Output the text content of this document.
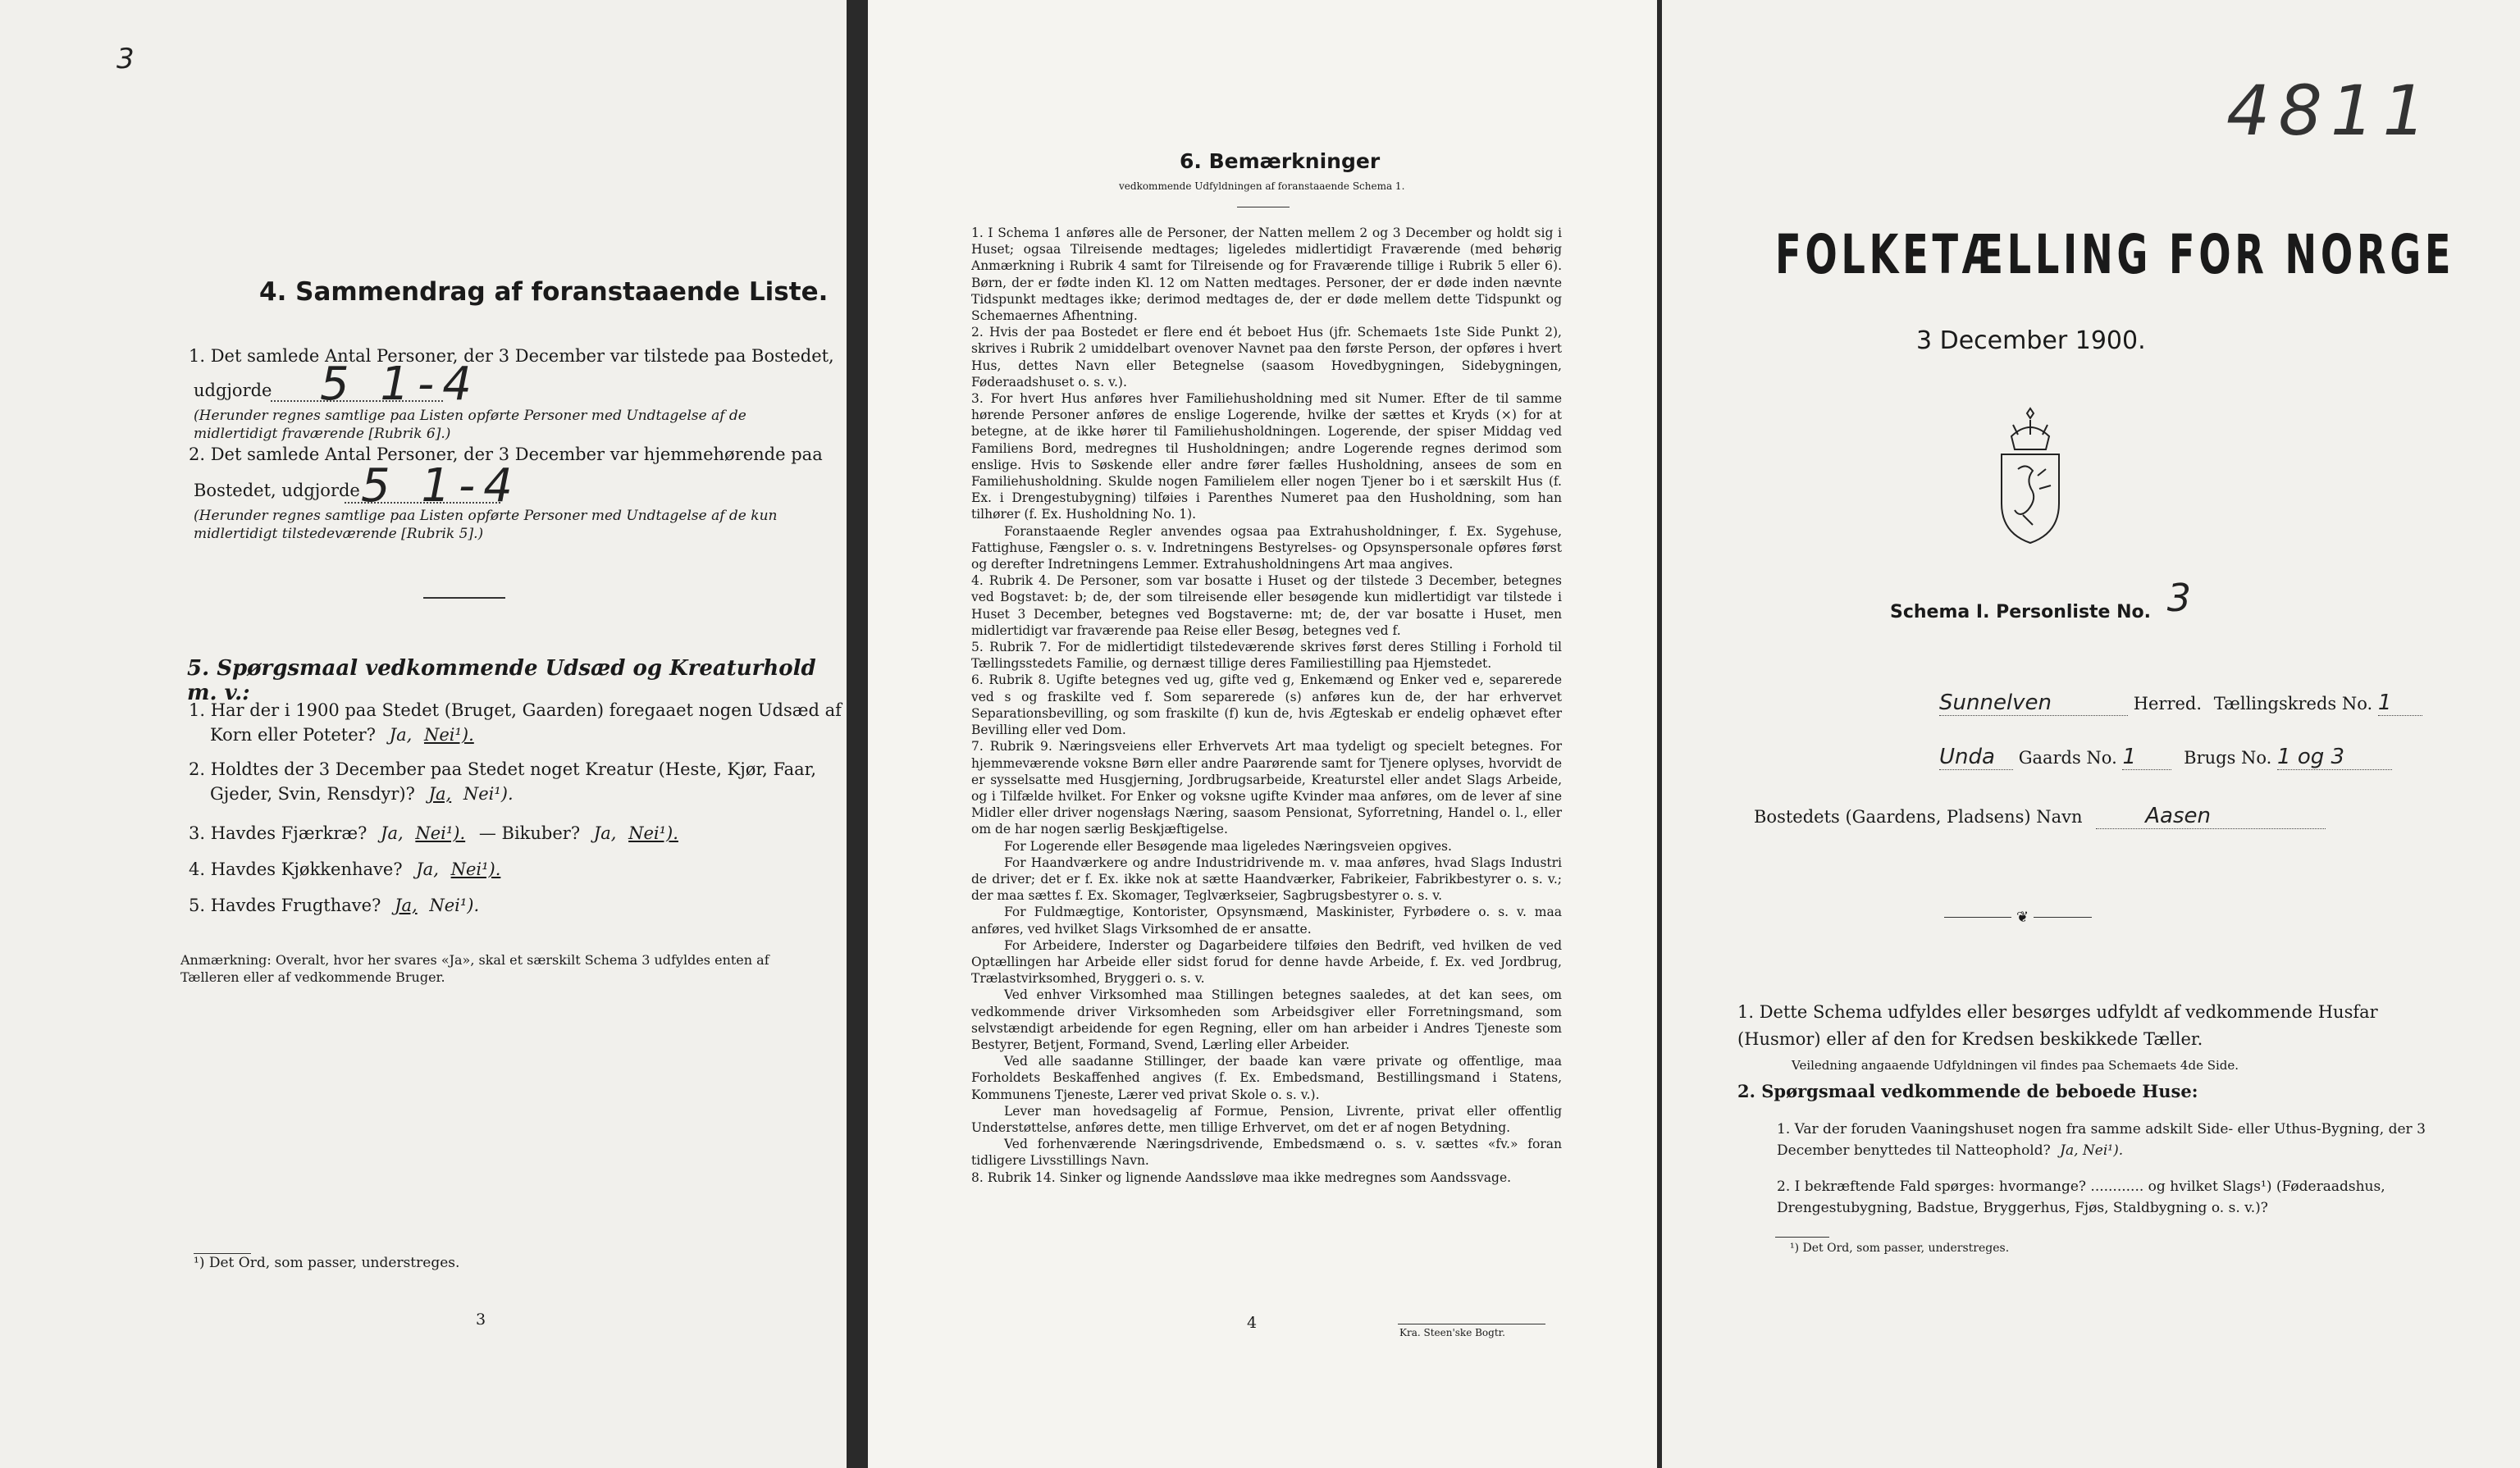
3
4. Sammendrag af foranstaaende Liste.
1. Det samlede Antal Personer, der 3 December var tilstede paa Bostedet,
udgjorde 5 1-4
(Herunder regnes samtlige paa Listen opførte Personer med Undtagelse af de midlertidigt fraværende [Rubrik 6].)
2. Det samlede Antal Personer, der 3 December var hjemmehørende paa
Bostedet, udgjorde 5 1-4
(Herunder regnes samtlige paa Listen opførte Personer med Undtagelse af de kun midlertidigt tilstedeværende [Rubrik 5].)
5. Spørgsmaal vedkommende Udsæd og Kreaturhold m. v.:
1. Har der i 1900 paa Stedet (Bruget, Gaarden) foregaaet nogen Udsæd af
Korn eller Poteter? Ja, Nei¹).
2. Holdtes der 3 December paa Stedet noget Kreatur (Heste, Kjør, Faar,
Gjeder, Svin, Rensdyr)? Ja, Nei¹).
3. Havdes Fjærkræ? Ja, Nei¹). — Bikuber? Ja, Nei¹).
4. Havdes Kjøkkenhave? Ja, Nei¹).
5. Havdes Frugthave? Ja, Nei¹).
Anmærkning: Overalt, hvor her svares «Ja», skal et særskilt Schema 3 udfyldes enten af Tælleren eller af vedkommende Bruger.
¹) Det Ord, som passer, understreges.
3
6. Bemærkninger
vedkommende Udfyldningen af foranstaaende Schema 1.

1. I Schema 1 anføres alle de Personer, der Natten mellem 2 og 3 December og holdt sig i Huset; ogsaa Tilreisende medtages; ligeledes midlertidigt Fraværende (med behørig Anmærkning i Rubrik 4 samt for Tilreisende og for Fraværende tillige i Rubrik 5 eller 6). Børn, der er fødte inden Kl. 12 om Natten medtages. Personer, der er døde inden nævnte Tidspunkt medtages ikke; derimod medtages de, der er døde mellem dette Tidspunkt og Schemaernes Afhentning.

2. Hvis der paa Bostedet er flere end ét beboet Hus (jfr. Schemaets 1ste Side Punkt 2), skrives i Rubrik 2 umiddelbart ovenover Navnet paa den første Person, der opføres i hvert Hus, dettes Navn eller Betegnelse (saasom Hovedbygningen, Sidebygningen, Føderaadshuset o. s. v.).

3. For hvert Hus anføres hver Familiehusholdning med sit Numer. Efter de til samme hørende Personer anføres de enslige Logerende, hvilke der sættes et Kryds (×) for at betegne, at de ikke hører til Familiehusholdningen. Logerende, der spiser Middag ved Familiens Bord, medregnes til Husholdningen; andre Logerende regnes derimod som enslige. Hvis to Søskende eller andre fører fælles Husholdning, ansees de som en Familiehusholdning. Skulde nogen Familielem eller nogen Tjener bo i et særskilt Hus (f. Ex. i Drengestubygning) tilføies i Parenthes Numeret paa den Husholdning, som han tilhører (f. Ex. Husholdning No. 1).

Foranstaaende Regler anvendes ogsaa paa Extrahusholdninger, f. Ex. Sygehuse, Fattighuse, Fængsler o. s. v. Indretningens Bestyrelses- og Opsynspersonale opføres først og derefter Indretningens Lemmer. Extrahusholdningens Art maa angives.

4. Rubrik 4. De Personer, som var bosatte i Huset og der tilstede 3 December, betegnes ved Bogstavet: b; de, der som tilreisende eller besøgende kun midlertidigt var tilstede i Huset 3 December, betegnes ved Bogstaverne: mt; de, der var bosatte i Huset, men midlertidigt var fraværende paa Reise eller Besøg, betegnes ved f.

5. Rubrik 7. For de midlertidigt tilstedeværende skrives først deres Stilling i Forhold til Tællingsstedets Familie, og dernæst tillige deres Familiestilling paa Hjemstedet.

6. Rubrik 8. Ugifte betegnes ved ug, gifte ved g, Enkemænd og Enker ved e, separerede ved s og fraskilte ved f. Som separerede (s) anføres kun de, der har erhvervet Separationsbevilling, og som fraskilte (f) kun de, hvis Ægteskab er endelig ophævet efter Bevilling eller ved Dom.

7. Rubrik 9. Næringsveiens eller Erhvervets Art maa tydeligt og specielt betegnes. For hjemmeværende voksne Børn eller andre Paarørende samt for Tjenere oplyses, hvorvidt de er sysselsatte med Husgjerning, Jordbrugsarbeide, Kreaturstel eller andet Slags Arbeide, og i Tilfælde hvilket. For Enker og voksne ugifte Kvinder maa anføres, om de lever af sine Midler eller driver nogensłags Næring, saasom Pensionat, Syforretning, Handel o. l., eller om de har nogen særlig Beskjæftigelse.

For Logerende eller Besøgende maa ligeledes Næringsveien opgives.

For Haandværkere og andre Industridrivende m. v. maa anføres, hvad Slags Industri de driver; det er f. Ex. ikke nok at sætte Haandværker, Fabrikeier, Fabrikbestyrer o. s. v.; der maa sættes f. Ex. Skomager, Teglværkseier, Sagbrugsbestyrer o. s. v.

For Fuldmægtige, Kontorister, Opsynsmænd, Maskinister, Fyrbødere o. s. v. maa anføres, ved hvilket Slags Virksomhed de er ansatte.

For Arbeidere, Inderster og Dagarbeidere tilføies den Bedrift, ved hvilken de ved Optællingen har Arbeide eller sidst forud for denne havde Arbeide, f. Ex. ved Jordbrug, Trælastvirksomhed, Bryggeri o. s. v.

Ved enhver Virksomhed maa Stillingen betegnes saaledes, at det kan sees, om vedkommende driver Virksomheden som Arbeidsgiver eller Forretningsmand, som selvstændigt arbeidende for egen Regning, eller om han arbeider i Andres Tjeneste som Bestyrer, Betjent, Formand, Svend, Lærling eller Arbeider.

Ved alle saadanne Stillinger, der baade kan være private og offentlige, maa Forholdets Beskaffenhed angives (f. Ex. Embedsmand, Bestillingsmand i Statens, Kommunens Tjeneste, Lærer ved privat Skole o. s. v.).

Lever man hovedsagelig af Formue, Pension, Livrente, privat eller offentlig Understøttelse, anføres dette, men tillige Erhvervet, om det er af nogen Betydning.

Ved forhenværende Næringsdrivende, Embedsmænd o. s. v. sættes «fv.» foran tidligere Livsstillings Navn.

8. Rubrik 14. Sinker og lignende Aandssløve maa ikke medregnes som Aandssvage.

4
Kra. Steen'ske Bogtr.
4811
FOLKETÆLLING FOR NORGE
3 December 1900.
Schema I. Personliste No. 3
Sunnelven	Herred. Tællingskreds No. 1
Unda Gaards No. 1	Brugs No. 1 og 3
Bostedets (Gaardens, Pladsens) Navn	Aasen
❦
1. Dette Schema udfyldes eller besørges udfyldt af vedkommende Husfar (Husmor) eller af den for Kredsen beskikkede Tæller.
Veiledning angaaende Udfyldningen vil findes paa Schemaets 4de Side.
2. Spørgsmaal vedkommende de beboede Huse:
1. Var der foruden Vaaningshuset nogen fra samme adskilt Side- eller Uthus-Bygning, der 3 December benyttedes til Natteophold? Ja, Nei¹).
2. I bekræftende Fald spørges: hvormange? ............ og hvilket Slags¹) (Føderaadshus, Drengestubygning, Badstue, Bryggerhus, Fjøs, Staldbygning o. s. v.)?
¹) Det Ord, som passer, understreges.
